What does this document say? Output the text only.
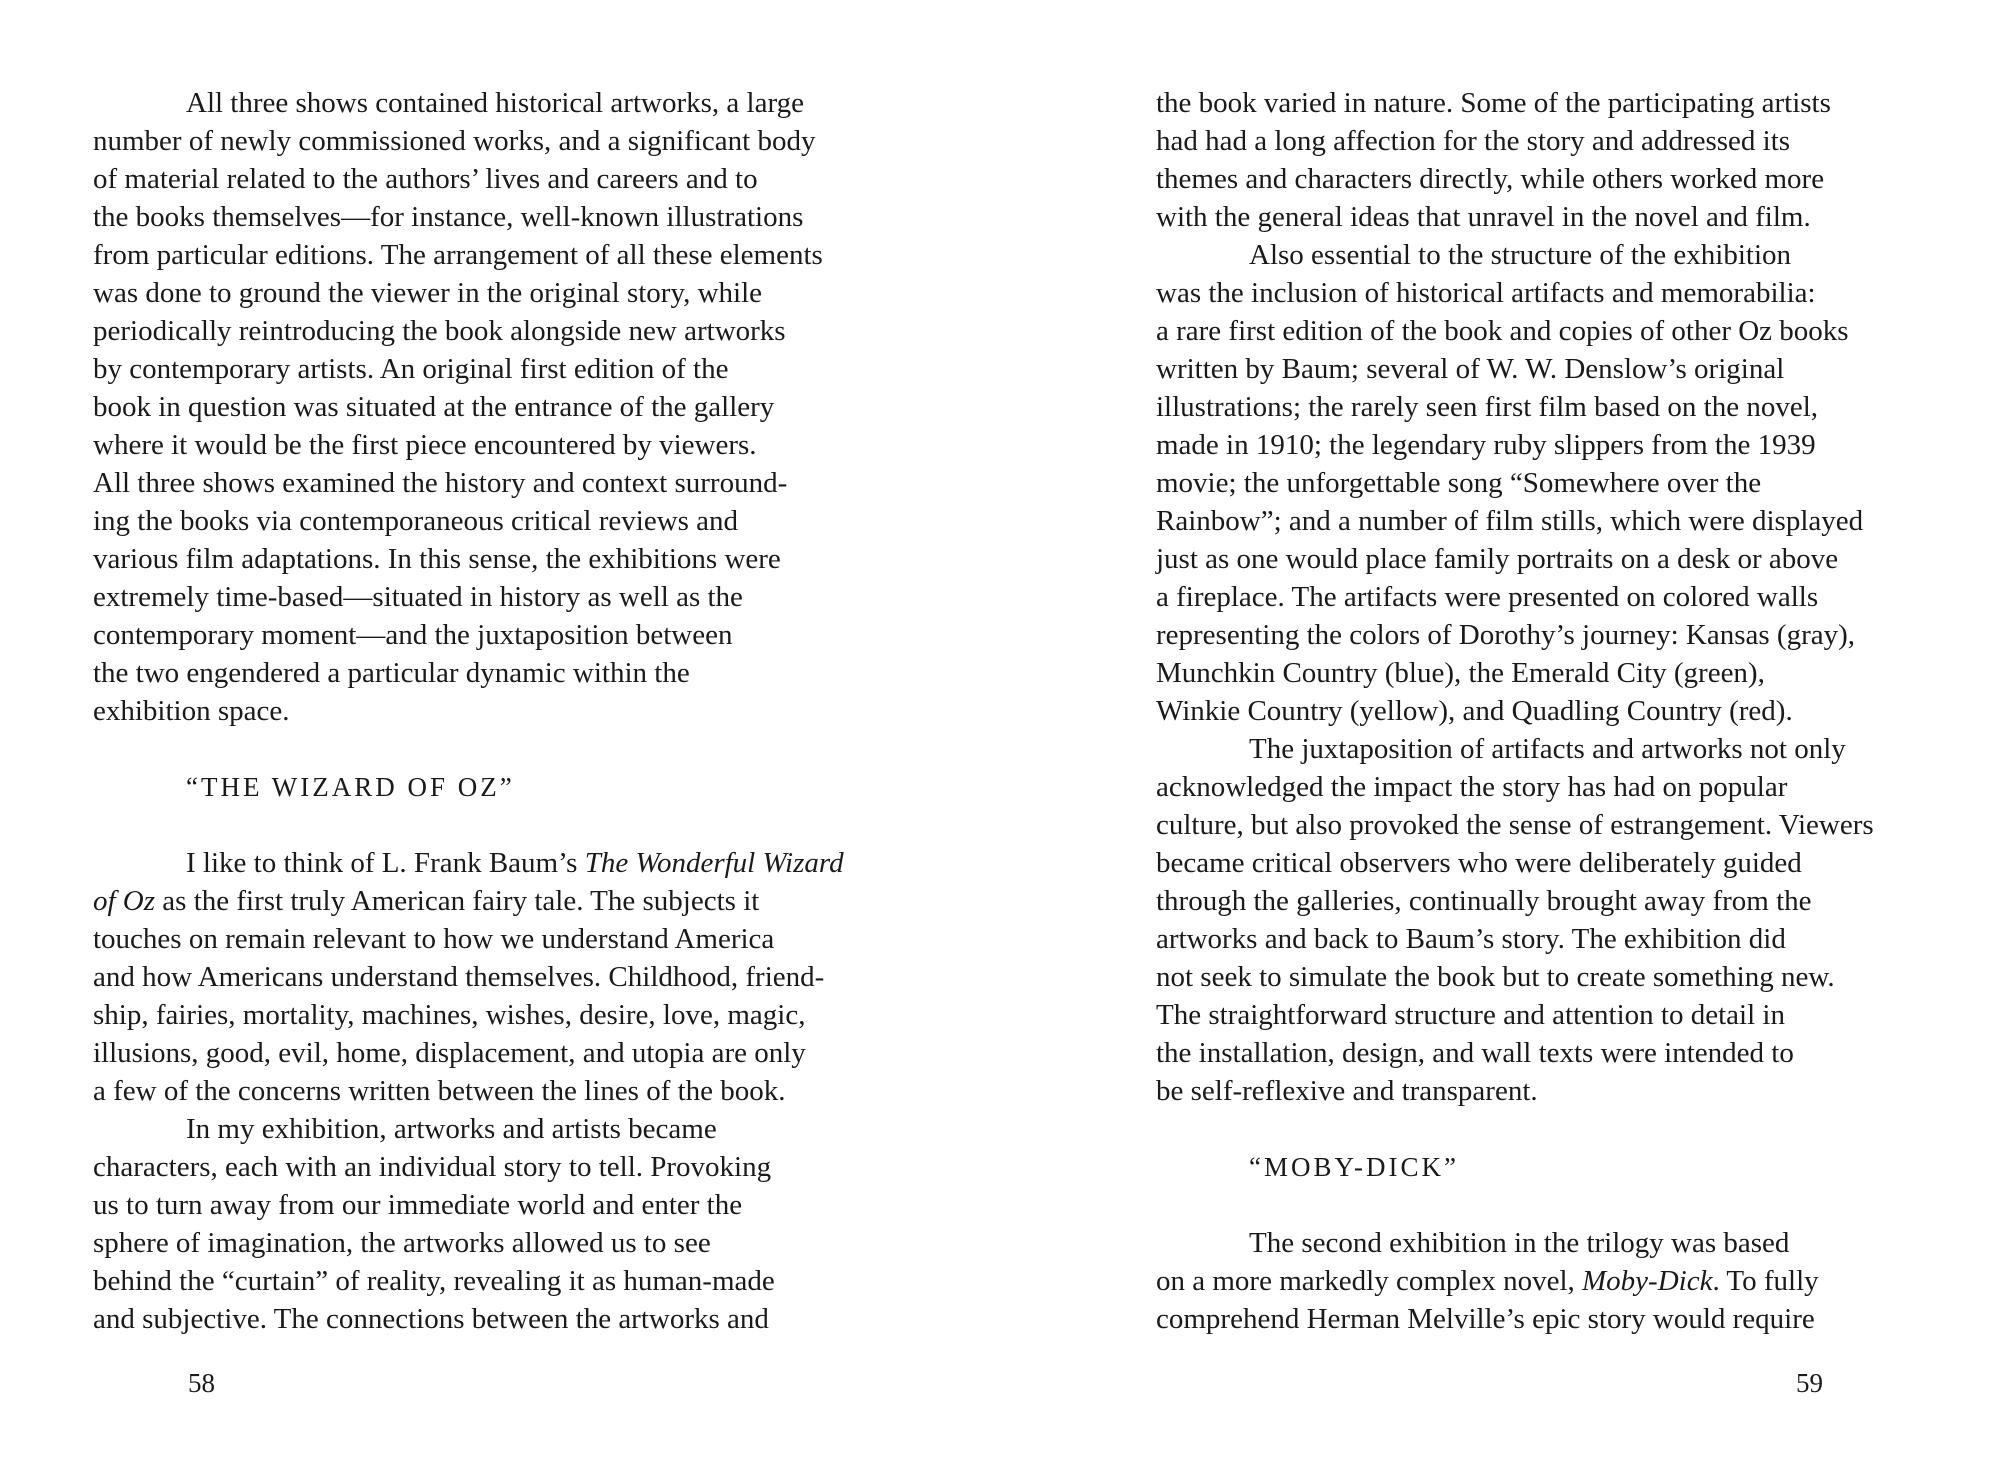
All three shows contained historical artworks, a large
number of newly commissioned works, and a significant body
of material related to the authors’ lives and careers and to
the books themselves—for instance, well-known illustrations
from particular editions. The arrangement of all these elements
was done to ground the viewer in the original story, while
periodically reintroducing the book alongside new artworks
by contemporary artists. An original first edition of the
book in question was situated at the entrance of the gallery
where it would be the first piece encountered by viewers.
All three shows examined the history and context surround-
ing the books via contemporaneous critical reviews and
various film adaptations. In this sense, the exhibitions were
extremely time-based—situated in history as well as the
contemporary moment—and the juxtaposition between
the two engendered a particular dynamic within the
exhibition space.
“THE WIZARD OF OZ”
I like to think of L. Frank Baum’s The Wonderful Wizard
of Oz as the first truly American fairy tale. The subjects it
touches on remain relevant to how we understand America
and how Americans understand themselves. Childhood, friend-
ship, fairies, mortality, machines, wishes, desire, love, magic,
illusions, good, evil, home, displacement, and utopia are only
a few of the concerns written between the lines of the book.
In my exhibition, artworks and artists became
characters, each with an individual story to tell. Provoking
us to turn away from our immediate world and enter the
sphere of imagination, the artworks allowed us to see
behind the “curtain” of reality, revealing it as human-made
and subjective. The connections between the artworks and
58
the book varied in nature. Some of the participating artists
had had a long affection for the story and addressed its
themes and characters directly, while others worked more
with the general ideas that unravel in the novel and film.
Also essential to the structure of the exhibition
was the inclusion of historical artifacts and memorabilia:
a rare first edition of the book and copies of other Oz books
written by Baum; several of W. W. Denslow’s original
illustrations; the rarely seen first film based on the novel,
made in 1910; the legendary ruby slippers from the 1939
movie; the unforgettable song “Somewhere over the
Rainbow”; and a number of film stills, which were displayed
just as one would place family portraits on a desk or above
a fireplace. The artifacts were presented on colored walls
representing the colors of Dorothy’s journey: Kansas (gray),
Munchkin Country (blue), the Emerald City (green),
Winkie Country (yellow), and Quadling Country (red).
The juxtaposition of artifacts and artworks not only
acknowledged the impact the story has had on popular
culture, but also provoked the sense of estrangement. Viewers
became critical observers who were deliberately guided
through the galleries, continually brought away from the
artworks and back to Baum’s story. The exhibition did
not seek to simulate the book but to create something new.
The straightforward structure and attention to detail in
the installation, design, and wall texts were intended to
be self-reflexive and transparent.
“MOBY-DICK”
The second exhibition in the trilogy was based
on a more markedly complex novel, Moby-Dick. To fully
comprehend Herman Melville’s epic story would require
59
